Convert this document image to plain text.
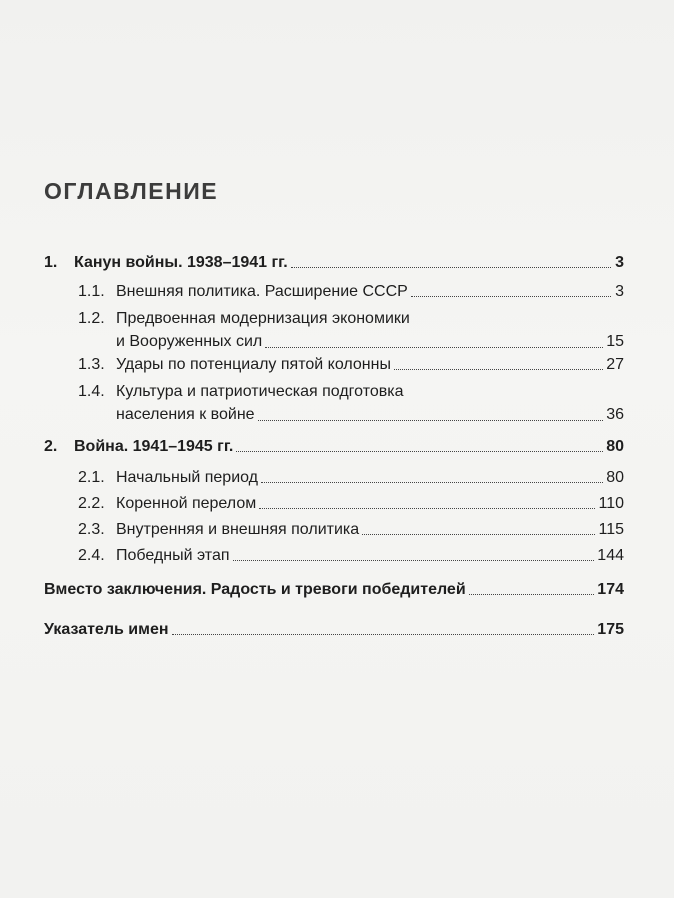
ОГЛАВЛЕНИЕ
1.	Канун войны. 1938–1941 гг.	3
1.1. Внешняя политика. Расширение СССР	3
1.2. Предвоенная модернизация экономики
и Вооруженных сил	15
1.3. Удары по потенциалу пятой колонны	27
1.4. Культура и патриотическая подготовка
населения к войне	36
2.	Война. 1941–1945 гг.	80
2.1. Начальный период	80
2.2. Коренной перелом	110
2.3. Внутренняя и внешняя политика	115
2.4. Победный этап	144
Вместо заключения. Радость и тревоги победителей	174
Указатель имен	175
